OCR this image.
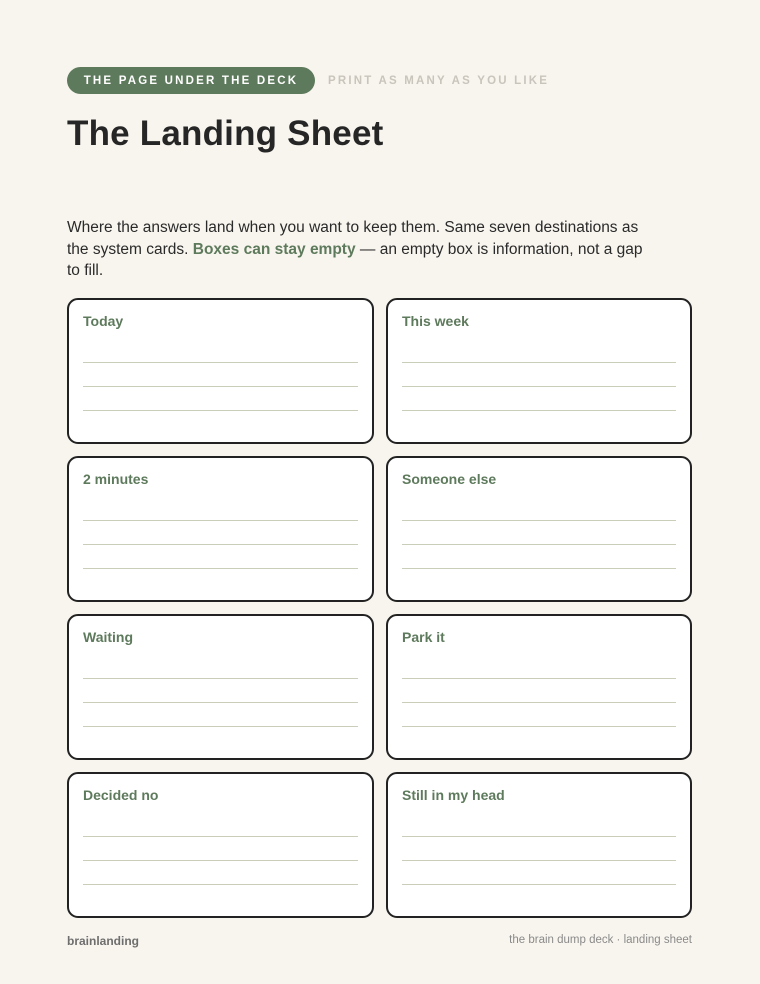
THE PAGE UNDER THE DECK	PRINT AS MANY AS YOU LIKE
The Landing Sheet

Where the answers land when you want to keep them. Same seven destinations as the system cards. Boxes can stay empty — an empty box is information, not a gap to fill.

Today	This week
2 minutes	Someone else
Waiting	Park it
Decided no	Still in my head
brainlanding	the brain dump deck · landing sheet
